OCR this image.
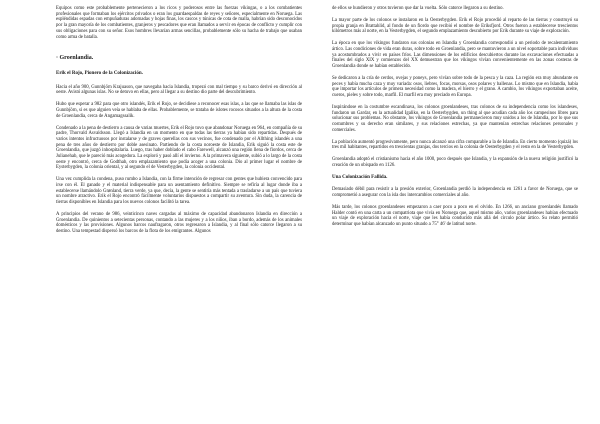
Equipos como este probablemente pertenecieron a los ricos y poderosos entre las fuerzas vikingas, o a los combatientes profesionales que formaban los ejércitos privados o eran los guardaespaldas de reyes y señores, especialmente en Noruega. Las espléndidas espadas con empuñaduras adornadas y hojas finas, los cascos y túnicas de cota de malla, habrían sido desconocidos por la gran mayoría de los combatientes, granjeros y pescadores que eran llamados a servir en épocas de conflicto y cumplir con sus obligaciones para con su señor. Esos hombres llevarían armas sencillas, probablemente sólo su hacha de trabajo que usaban como arma de batalla.

· Groenlandia.
Erik el Rojo, Pionero de la Colonización.

Hacia el año 900, Gunnbjörn Krajuason, que navegaba hacia Islandia, tropezó con mal tiempo y su barco derivó en dirección al oeste. Avistó algunas islas. No se detuvo en ellas, pero al llegar a su destino dio parte del descubrimiento.

Hubo que esperar a 982 para que otro islandés, Erik el Rojo, se decidiese a reconocer esas islas, a las que se llamaba las islas de Gunnbjörn, si es que alguien veía se hablaba de ellas. Probablemente, se trataba de islotes rocosos situados a la altura de la costa de Groenlandia, cerca de Angamagssalik.

Condenado a la pena de destierro a causa de varias muertes, Erik el Rojo tuvo que abandonar Noruega en 964, en compañía de su padre, Thorvald Asvaldsson. Llegó a Islandia en un momento en que todas las tierras ya habían sido repartidas. Después de varios intentos infructuosos por instalarse y de graves querellas con sus vecinos, fue condenado por el Allthing islandés a una pena de tres años de destierro por doble asesinato. Partiendo de la costa noroeste de Islandia, Erik siguió la costa este de Groenlandia, que juzgó inhospitalaria. Luego, tras haber doblado el cabo Farewell, alcanzó una región llena de fiordos, cerca de Julianehab, que le pareció más acogedora. La exploró y pasó allí el invierno. A la primavera siguiente, subió a lo largo de la costa oeste y encontró, cerca de Godthab, otro emplazamiento que podía acoger a una colonia. Dio al primer lugar el nombre de Eysterbygden, la colonia oriental, y al segundo el de Vesterbygden, la colonia occidental.

Una vez cumplida la condena, puso rumbo a Islandia, con la firme intención de regresar con gentes que hubiera convencido para irse con él. El ganado y el material indispensable para un asentamiento definitivo. Siempre se refiría al lugar donde iba a establecerse llamándolo Grønland, tierra verde, ya que, decía, la gente se sentiría más tentada a trasladarse a un país que tuviera un nombre atractivo. Erik el Rojo encontró fácilmente voluntarios dispuestos a compartir su aventura. Sin duda, la carencia de tierras disponibles en Islandia para los nuevos colonos facilitó la tarea.

A principios del verano de 986, veinticinco naves cargadas al máximo de capacidad abandonaron Islandia en dirección a Groenlandia. De quinientos a setecientas personas, contando a las mujeres y a los niños, iban a bordo, además de los animales domésticos y las provisiones. Algunos barcos naufragaron, otros regresaron a Islandia, y al final sólo catorce llegaron a su destino. Una tempestad dispersó los barcos de la flota de los emigrantes. Algunos

de ellos se hundieron y otros tuvieron que dar la vuelta. Sólo catorce llegaron a su destino.

La mayor parte de los colonos se instalaron en la Oesterbygden. Erik el Rojo procedió al reparto de las tierras y construyó su propia granja en Brattahlid, al fondo de un fiordo que recibió el nombre de Eriksfjord. Otros fueron a establecerse trescientos kilómetros más al norte, en la Vesterbygden, el segundo emplazamiento descubierto por Erik durante su viaje de exploración.

La época en que los vikingos fundaron sus colonias en Islandia y Groenlandia correspondió a un periodo de recalentamiento ártico. Las condiciones de vida eran duras, sobre todo en Groenlandia, pero se mantuvieron a un nivel soportable para individuos ya acostumbrados a vivir en países fríos. Las dimensiones de los edificios descubiertos durante las excavaciones efectuadas a finales del siglo XIX y comienzos del XX demuestran que los vikingos vivían convenientemente en las zonas costeras de Groenlandia donde se habían establecido.

Se dedicaron a la cría de cerdos, ovejas y poneys, pero vivían sobre todo de la pesca y la caza. La región era muy abundante en peces y había mucha caza y muy variada: osos, liebres, focas, morsas, osos polares y ballenas. Lo mismo que en Islandia, había que importar los artículos de primera necesidad como la madera, el hierro y el grano. A cambio, los vikingos exportaban aceite, cueros, pieles y sobre todo, marfil. El marfil era muy preciado en Europa.

Inspirándose en la costumbre escandinava, los colonos groenlandeses, tras colonos de su independencia como los islandeses, fundaron un Gardar, en la actualidad Igaliko, en la Oesterbygden, un thing al que acudían cada año los campesinos libres para solucionar sus problemas. No obstante, los vikingos de Groenlandia permanecieron muy unidos a los de Islandia, por lo que sus costumbres y su derecho eran similares, y sus relaciones estrechas, ya que mantenían estrechas relaciones personales y comerciales.

La población aumentó progresivamente, pero nunca alcanzó una cifra comparable a la de Islandia. En cierto momento (quizá) los tres mil habitantes, repartidos en trescientas granjas, dos tercios en la colonia de Oesterbygden y el resto en la de Vesterbygden.

Groenlandia adoptó el cristianismo hacia el año 1000, poco después que Islandia, y la expansión de la nueva religión justificó la creación de un obispado en 1126.

Una Colonización Fallida.

Demasiado débil para resistir a la presión exterior, Groenlandia perdió la independencia en 1261 a favor de Noruega, que se comprometió a asegurar con la isla dos intercambios comerciales al año.

Más tarde, los colonos groenlandeses empezaron a caer poco a poco en el olvido. En 1266, un anciano groenlandés llamado Halder contó en una carta a un compatriota que vivía en Noruega que, aquel mismo año, varios groenlandeses habían efectuado un viaje de exploración hacia el norte, viaje que les había conducido más allá del círculo polar ártico. Su relato permitió determinar que habían alcanzado un punto situado a 75° 46' de latitud norte.
